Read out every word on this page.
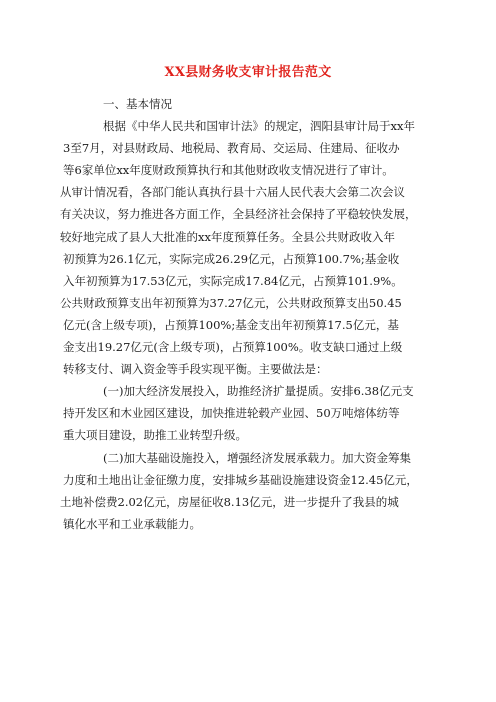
XX县财务收支审计报告范文
一、基本情况
根据《中华人民共和国审计法》的规定，泗阳县审计局于xx年
3至7月，对县财政局、地税局、教育局、交运局、住建局、征收办
等6家单位xx年度财政预算执行和其他财政收支情况进行了审计。
从审计情况看，各部门能认真执行县十六届人民代表大会第二次会议
有关决议，努力推进各方面工作，全县经济社会保持了平稳较快发展，
较好地完成了县人大批准的xx年度预算任务。全县公共财政收入年
初预算为26.1亿元，实际完成26.29亿元，占预算100.7%;基金收
入年初预算为17.53亿元，实际完成17.84亿元，占预算101.9%。
公共财政预算支出年初预算为37.27亿元，公共财政预算支出50.45
亿元(含上级专项)，占预算100%;基金支出年初预算17.5亿元，基
金支出19.27亿元(含上级专项)，占预算100%。收支缺口通过上级
转移支付、调入资金等手段实现平衡。主要做法是：
(一)加大经济发展投入，助推经济扩量提质。安排6.38亿元支
持开发区和木业园区建设，加快推进轮毂产业园、50万吨熔体纺等
重大项目建设，助推工业转型升级。
(二)加大基础设施投入，增强经济发展承载力。加大资金筹集
力度和土地出让金征缴力度，安排城乡基础设施建设资金12.45亿元，
土地补偿费2.02亿元，房屋征收8.13亿元，进一步提升了我县的城
镇化水平和工业承载能力。
